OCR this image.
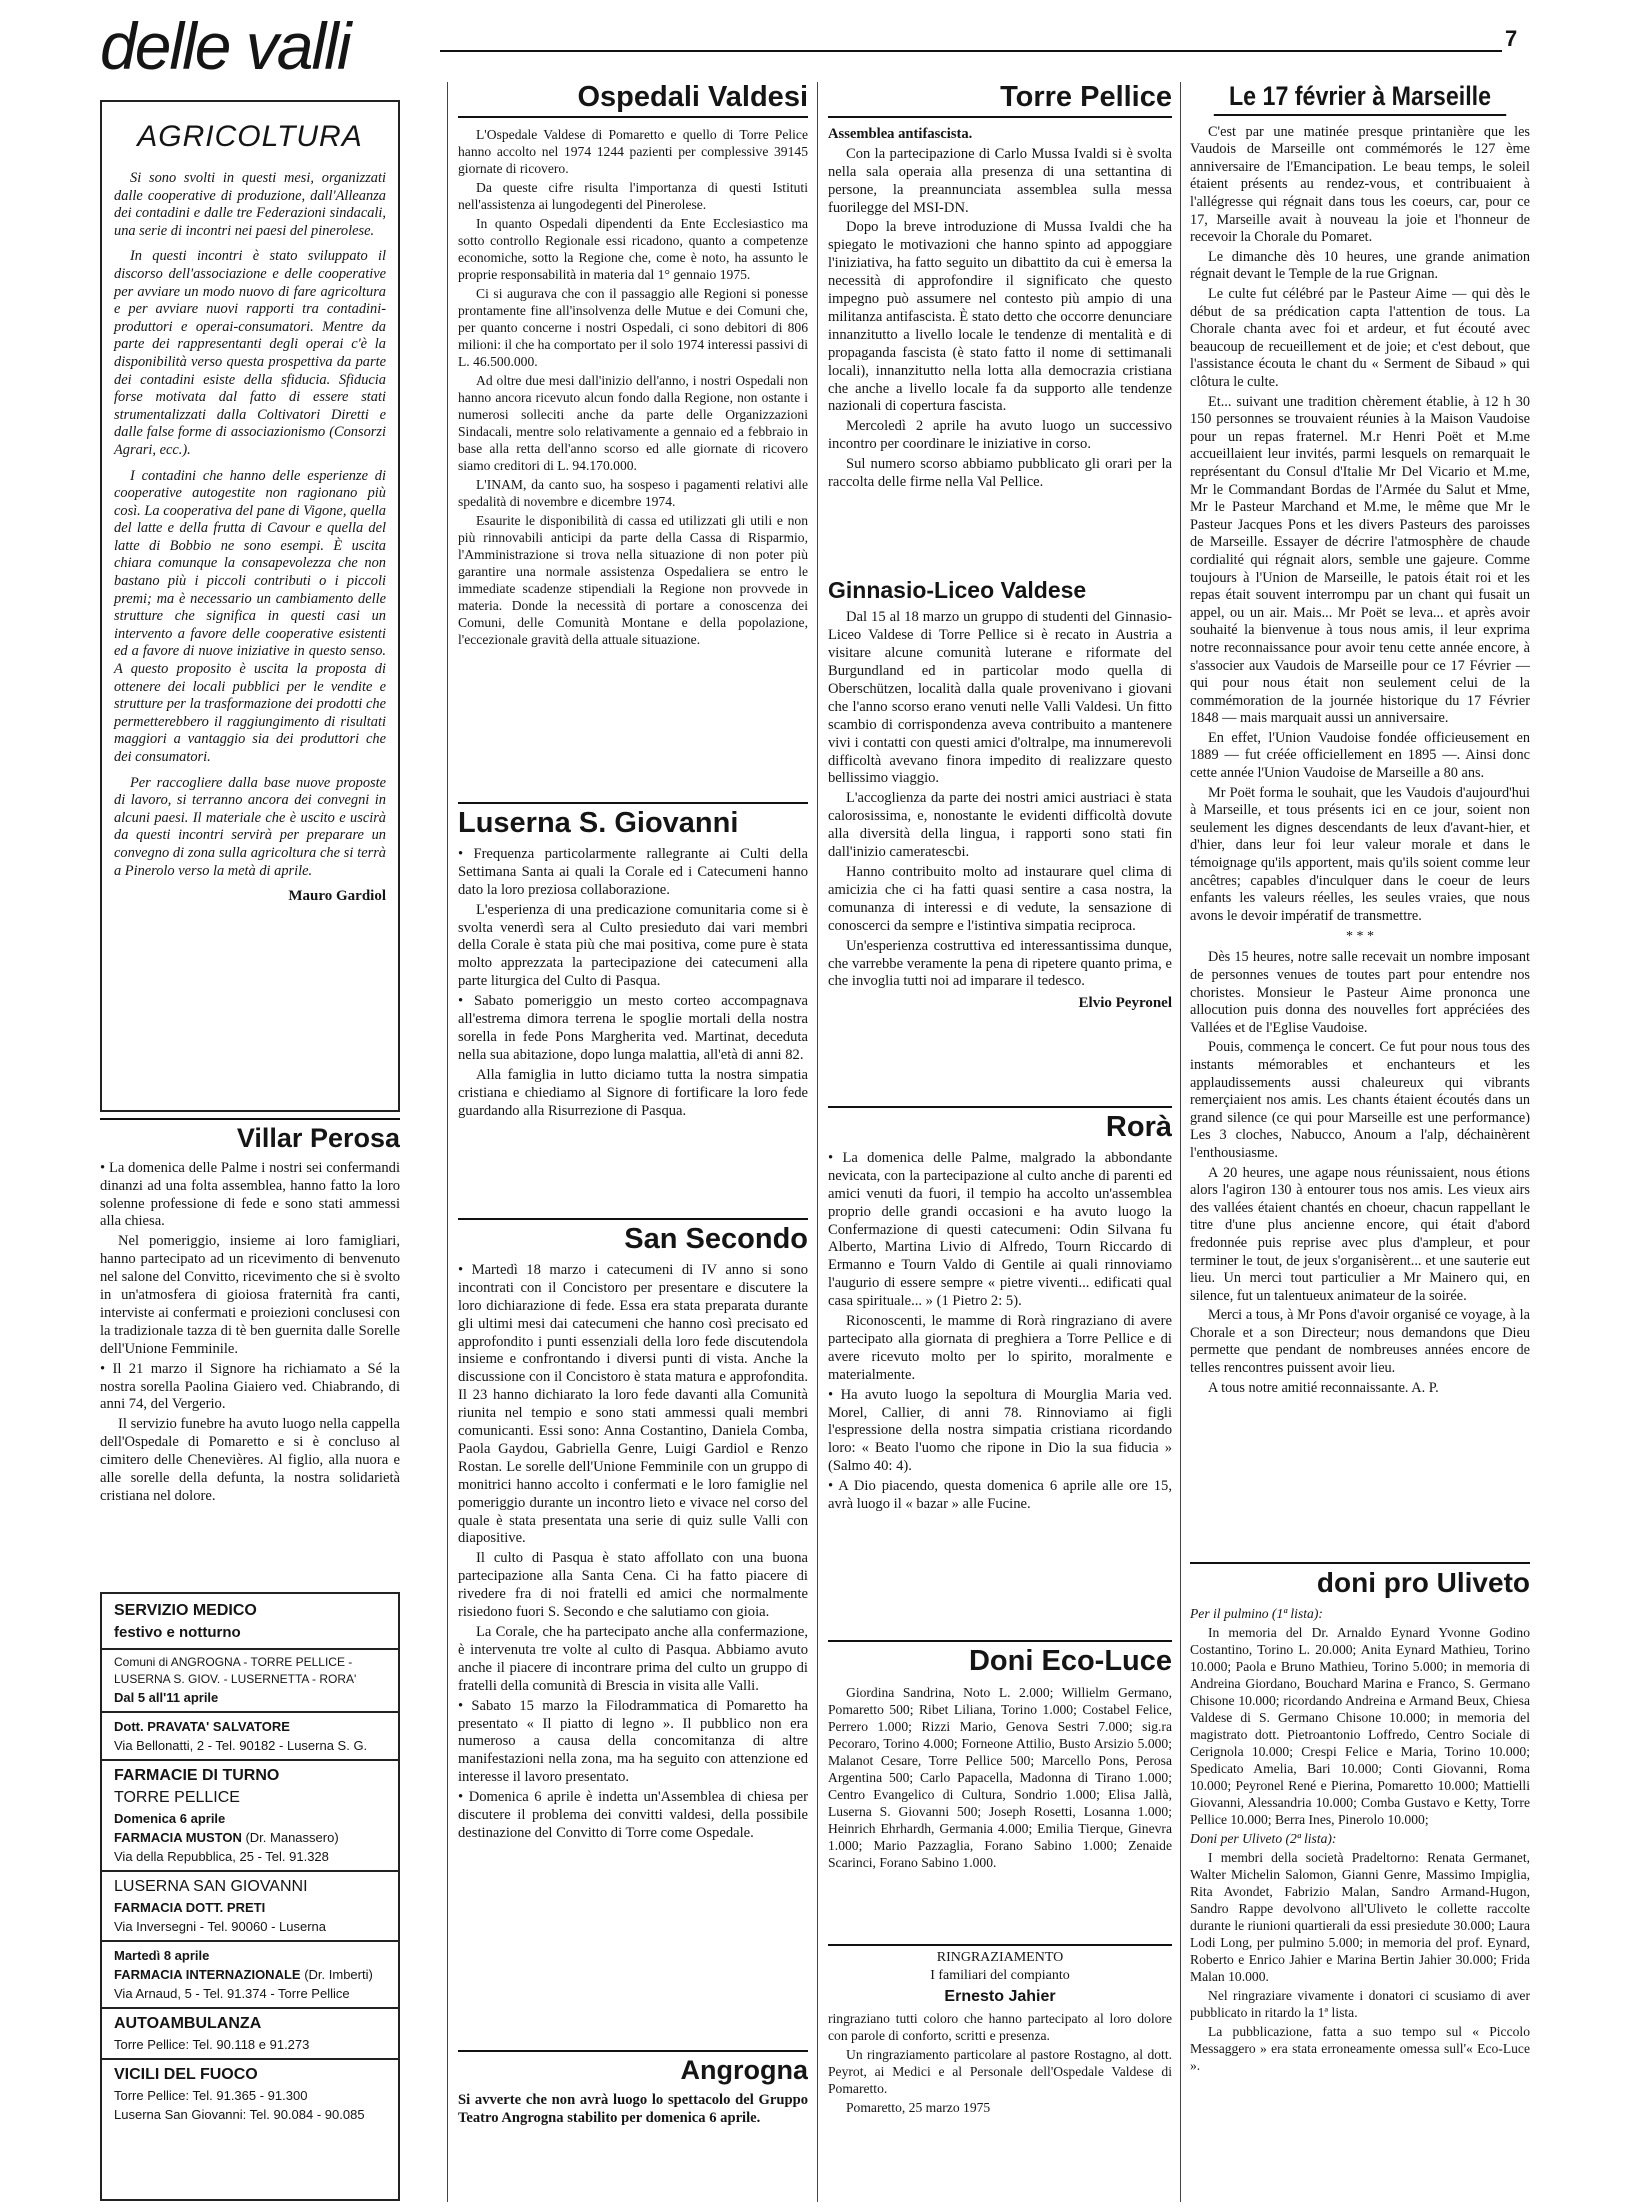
delle valli	7
AGRICOLTURA

Si sono svolti in questi mesi, organizzati dalle cooperative di produzione, dall'Alleanza dei contadini e dalle tre Federazioni sindacali, una serie di incontri nei paesi del pinerolese.

In questi incontri è stato sviluppato il discorso dell'associazione e delle cooperative per avviare un modo nuovo di fare agricoltura e per avviare nuovi rapporti tra contadini-produttori e operai-consumatori. Mentre da parte dei rappresentanti degli operai c'è la disponibilità verso questa prospettiva da parte dei contadini esiste della sfiducia. Sfiducia forse motivata dal fatto di essere stati strumentalizzati dalla Coltivatori Diretti e dalle false forme di associazionismo (Consorzi Agrari, ecc.).

I contadini che hanno delle esperienze di cooperative autogestite non ragionano più così. La cooperativa del pane di Vigone, quella del latte e della frutta di Cavour e quella del latte di Bobbio ne sono esempi. È uscita chiara comunque la consapevolezza che non bastano più i piccoli contributi o i piccoli premi; ma è necessario un cambiamento delle strutture che significa in questi casi un intervento a favore delle cooperative esistenti ed a favore di nuove iniziative in questo senso. A questo proposito è uscita la proposta di ottenere dei locali pubblici per le vendite e strutture per la trasformazione dei prodotti che permetterebbero il raggiungimento di risultati maggiori a vantaggio sia dei produttori che dei consumatori.

Per raccogliere dalla base nuove proposte di lavoro, si terranno ancora dei convegni in alcuni paesi. Il materiale che è uscito e uscirà da questi incontri servirà per preparare un convegno di zona sulla agricoltura che si terrà a Pinerolo verso la metà di aprile.

Mauro Gardiol
Villar Perosa

• La domenica delle Palme i nostri sei confermandi dinanzi ad una folta assemblea, hanno fatto la loro solenne professione di fede e sono stati ammessi alla chiesa.

Nel pomeriggio, insieme ai loro famigliari, hanno partecipato ad un ricevimento di benvenuto nel salone del Convitto, ricevimento che si è svolto in un'atmosfera di gioiosa fraternità fra canti, interviste ai confermati e proiezioni conclusesi con la tradizionale tazza di tè ben guernita dalle Sorelle dell'Unione Femminile.

• Il 21 marzo il Signore ha richiamato a Sé la nostra sorella Paolina Giaiero ved. Chiabrando, di anni 74, del Vergerio.

Il servizio funebre ha avuto luogo nella cappella dell'Ospedale di Pomaretto e si è concluso al cimitero delle Chenevières. Al figlio, alla nuora e alle sorelle della defunta, la nostra solidarietà cristiana nel dolore.

SERVIZIO MEDICO
festivo e notturno
Comuni di ANGROGNA - TORRE PELLICE - LUSERNA S. GIOV. - LUSERNETTA - RORA'
Dal 5 all'11 aprile
Dott. PRAVATA' SALVATORE
Via Bellonatti, 2 - Tel. 90182 - Luserna S. G.
FARMACIE DI TURNO
TORRE PELLICE
Domenica 6 aprile
FARMACIA MUSTON (Dr. Manassero)
Via della Repubblica, 25 - Tel. 91.328
LUSERNA SAN GIOVANNI
FARMACIA DOTT. PRETI
Via Inversegni - Tel. 90060 - Luserna
Martedì 8 aprile
FARMACIA INTERNAZIONALE (Dr. Imberti)
Via Arnaud, 5 - Tel. 91.374 - Torre Pellice
AUTOAMBULANZA
Torre Pellice: Tel. 90.118 e 91.273
VICILI DEL FUOCO
Torre Pellice: Tel. 91.365 - 91.300
Luserna San Giovanni: Tel. 90.084 - 90.085
Ospedali Valdesi

L'Ospedale Valdese di Pomaretto e quello di Torre Pelice hanno accolto nel 1974 1244 pazienti per complessive 39145 giornate di ricovero.

Da queste cifre risulta l'importanza di questi Istituti nell'assistenza ai lungodegenti del Pinerolese.

In quanto Ospedali dipendenti da Ente Ecclesiastico ma sotto controllo Regionale essi ricadono, quanto a competenze economiche, sotto la Regione che, come è noto, ha assunto le proprie responsabilità in materia dal 1° gennaio 1975.

Ci si augurava che con il passaggio alle Regioni si ponesse prontamente fine all'insolvenza delle Mutue e dei Comuni che, per quanto concerne i nostri Ospedali, ci sono debitori di 806 milioni: il che ha comportato per il solo 1974 interessi passivi di L. 46.500.000.

Ad oltre due mesi dall'inizio dell'anno, i nostri Ospedali non hanno ancora ricevuto alcun fondo dalla Regione, non ostante i numerosi solleciti anche da parte delle Organizzazioni Sindacali, mentre solo relativamente a gennaio ed a febbraio in base alla retta dell'anno scorso ed alle giornate di ricovero siamo creditori di L. 94.170.000.

L'INAM, da canto suo, ha sospeso i pagamenti relativi alle spedalità di novembre e dicembre 1974.

Esaurite le disponibilità di cassa ed utilizzati gli utili e non più rinnovabili anticipi da parte della Cassa di Risparmio, l'Amministrazione si trova nella situazione di non poter più garantire una normale assistenza Ospedaliera se entro le immediate scadenze stipendiali la Regione non provvede in materia. Donde la necessità di portare a conoscenza dei Comuni, delle Comunità Montane e della popolazione, l'eccezionale gravità della attuale situazione.

Luserna S. Giovanni

• Frequenza particolarmente rallegrante ai Culti della Settimana Santa ai quali la Corale ed i Catecumeni hanno dato la loro preziosa collaborazione.

L'esperienza di una predicazione comunitaria come si è svolta venerdì sera al Culto presieduto dai vari membri della Corale è stata più che mai positiva, come pure è stata molto apprezzata la partecipazione dei catecumeni alla parte liturgica del Culto di Pasqua.

• Sabato pomeriggio un mesto corteo accompagnava all'estrema dimora terrena le spoglie mortali della nostra sorella in fede Pons Margherita ved. Martinat, deceduta nella sua abitazione, dopo lunga malattia, all'età di anni 82.

Alla famiglia in lutto diciamo tutta la nostra simpatia cristiana e chiediamo al Signore di fortificare la loro fede guardando alla Risurrezione di Pasqua.

San Secondo

• Martedì 18 marzo i catecumeni di IV anno si sono incontrati con il Concistoro per presentare e discutere la loro dichiarazione di fede. Essa era stata preparata durante gli ultimi mesi dai catecumeni che hanno così precisato ed approfondito i punti essenziali della loro fede discutendola insieme e confrontando i diversi punti di vista. Anche la discussione con il Concistoro è stata matura e approfondita. Il 23 hanno dichiarato la loro fede davanti alla Comunità riunita nel tempio e sono stati ammessi quali membri comunicanti. Essi sono: Anna Costantino, Daniela Comba, Paola Gaydou, Gabriella Genre, Luigi Gardiol e Renzo Rostan. Le sorelle dell'Unione Femminile con un gruppo di monitrici hanno accolto i confermati e le loro famiglie nel pomeriggio durante un incontro lieto e vivace nel corso del quale è stata presentata una serie di quiz sulle Valli con diapositive.

Il culto di Pasqua è stato affollato con una buona partecipazione alla Santa Cena. Ci ha fatto piacere di rivedere fra di noi fratelli ed amici che normalmente risiedono fuori S. Secondo e che salutiamo con gioia.

La Corale, che ha partecipato anche alla confermazione, è intervenuta tre volte al culto di Pasqua. Abbiamo avuto anche il piacere di incontrare prima del culto un gruppo di fratelli della comunità di Brescia in visita alle Valli.

• Sabato 15 marzo la Filodrammatica di Pomaretto ha presentato « Il piatto di legno ». Il pubblico non era numeroso a causa della concomitanza di altre manifestazioni nella zona, ma ha seguito con attenzione ed interesse il lavoro presentato.

• Domenica 6 aprile è indetta un'Assemblea di chiesa per discutere il problema dei convitti valdesi, della possibile destinazione del Convitto di Torre come Ospedale.

Angrogna

Si avverte che non avrà luogo lo spettacolo del Gruppo Teatro Angrogna stabilito per domenica 6 aprile.

Torre Pellice

Assemblea antifascista.

Con la partecipazione di Carlo Mussa Ivaldi si è svolta nella sala operaia alla presenza di una settantina di persone, la preannunciata assemblea sulla messa fuorilegge del MSI-DN.

Dopo la breve introduzione di Mussa Ivaldi che ha spiegato le motivazioni che hanno spinto ad appoggiare l'iniziativa, ha fatto seguito un dibattito da cui è emersa la necessità di approfondire il significato che questo impegno può assumere nel contesto più ampio di una militanza antifascista. È stato detto che occorre denunciare innanzitutto a livello locale le tendenze di mentalità e di propaganda fascista (è stato fatto il nome di settimanali locali), innanzitutto nella lotta alla democrazia cristiana che anche a livello locale fa da supporto alle tendenze nazionali di copertura fascista.

Mercoledì 2 aprile ha avuto luogo un successivo incontro per coordinare le iniziative in corso.

Sul numero scorso abbiamo pubblicato gli orari per la raccolta delle firme nella Val Pellice.

Ginnasio-Liceo Valdese

Dal 15 al 18 marzo un gruppo di studenti del Ginnasio-Liceo Valdese di Torre Pellice si è recato in Austria a visitare alcune comunità luterane e riformate del Burgundland ed in particolar modo quella di Oberschützen, località dalla quale provenivano i giovani che l'anno scorso erano venuti nelle Valli Valdesi. Un fitto scambio di corrispondenza aveva contribuito a mantenere vivi i contatti con questi amici d'oltralpe, ma innumerevoli difficoltà avevano finora impedito di realizzare questo bellissimo viaggio.

L'accoglienza da parte dei nostri amici austriaci è stata calorosissima, e, nonostante le evidenti difficoltà dovute alla diversità della lingua, i rapporti sono stati fin dall'inizio cameratescbi.

Hanno contribuito molto ad instaurare quel clima di amicizia che ci ha fatti quasi sentire a casa nostra, la comunanza di interessi e di vedute, la sensazione di conoscerci da sempre e l'istintiva simpatia reciproca.

Un'esperienza costruttiva ed interessantissima dunque, che varrebbe veramente la pena di ripetere quanto prima, e che invoglia tutti noi ad imparare il tedesco.

Elvio Peyronel
Rorà

• La domenica delle Palme, malgrado la abbondante nevicata, con la partecipazione al culto anche di parenti ed amici venuti da fuori, il tempio ha accolto un'assemblea proprio delle grandi occasioni e ha avuto luogo la Confermazione di questi catecumeni: Odin Silvana fu Alberto, Martina Livio di Alfredo, Tourn Riccardo di Ermanno e Tourn Valdo di Gentile ai quali rinnoviamo l'augurio di essere sempre « pietre viventi... edificati qual casa spirituale... » (1 Pietro 2: 5).

Riconoscenti, le mamme di Rorà ringraziano di avere partecipato alla giornata di preghiera a Torre Pellice e di avere ricevuto molto per lo spirito, moralmente e materialmente.

• Ha avuto luogo la sepoltura di Mourglia Maria ved. Morel, Callier, di anni 78. Rinnoviamo ai figli l'espressione della nostra simpatia cristiana ricordando loro: « Beato l'uomo che ripone in Dio la sua fiducia » (Salmo 40: 4).

• A Dio piacendo, questa domenica 6 aprile alle ore 15, avrà luogo il « bazar » alle Fucine.

Doni Eco-Luce

Giordina Sandrina, Noto L. 2.000; Willielm Germano, Pomaretto 500; Ribet Liliana, Torino 1.000; Costabel Felice, Perrero 1.000; Rizzi Mario, Genova Sestri 7.000; sig.ra Pecoraro, Torino 4.000; Forneone Attilio, Busto Arsizio 5.000; Malanot Cesare, Torre Pellice 500; Marcello Pons, Perosa Argentina 500; Carlo Papacella, Madonna di Tirano 1.000; Centro Evangelico di Cultura, Sondrio 1.000; Elisa Jallà, Luserna S. Giovanni 500; Joseph Rosetti, Losanna 1.000; Heinrich Ehrhardh, Germania 4.000; Emilia Tierque, Ginevra 1.000; Mario Pazzaglia, Forano Sabino 1.000; Zenaide Scarinci, Forano Sabino 1.000.

RINGRAZIAMENTO
I familiari del compianto
Ernesto Jahier

ringraziano tutti coloro che hanno partecipato al loro dolore con parole di conforto, scritti e presenza.

Un ringraziamento particolare al pastore Rostagno, al dott. Peyrot, ai Medici e al Personale dell'Ospedale Valdese di Pomaretto.

Pomaretto, 25 marzo 1975

Le 17 février à Marseille

C'est par une matinée presque printanière que les Vaudois de Marseille ont commémorés le 127 ème anniversaire de l'Emancipation. Le beau temps, le soleil étaient présents au rendez-vous, et contribuaient à l'allégresse qui régnait dans tous les coeurs, car, pour ce 17, Marseille avait à nouveau la joie et l'honneur de recevoir la Chorale du Pomaret.

Le dimanche dès 10 heures, une grande animation régnait devant le Temple de la rue Grignan.

Le culte fut célébré par le Pasteur Aime — qui dès le début de sa prédication capta l'attention de tous. La Chorale chanta avec foi et ardeur, et fut écouté avec beaucoup de recueillement et de joie; et c'est debout, que l'assistance écouta le chant du « Serment de Sibaud » qui clôtura le culte.

Et... suivant une tradition chèrement établie, à 12 h 30 150 personnes se trouvaient réunies à la Maison Vaudoise pour un repas fraternel. M.r Henri Poët et M.me accueillaient leur invités, parmi lesquels on remarquait le représentant du Consul d'Italie Mr Del Vicario et M.me, Mr le Commandant Bordas de l'Armée du Salut et Mme, Mr le Pasteur Marchand et M.me, le même que Mr le Pasteur Jacques Pons et les divers Pasteurs des paroisses de Marseille. Essayer de décrire l'atmosphère de chaude cordialité qui régnait alors, semble une gajeure. Comme toujours à l'Union de Marseille, le patois était roi et les repas était souvent interrompu par un chant qui fusait un appel, ou un air. Mais... Mr Poët se leva... et après avoir souhaité la bienvenue à tous nous amis, il leur exprima notre reconnaissance pour avoir tenu cette année encore, à s'associer aux Vaudois de Marseille pour ce 17 Février — qui pour nous était non seulement celui de la commémoration de la journée historique du 17 Février 1848 — mais marquait aussi un anniversaire.

En effet, l'Union Vaudoise fondée officieusement en 1889 — fut créée officiellement en 1895 —. Ainsi donc cette année l'Union Vaudoise de Marseille a 80 ans.

Mr Poët forma le souhait, que les Vaudois d'aujourd'hui à Marseille, et tous présents ici en ce jour, soient non seulement les dignes descendants de leux d'avant-hier, et d'hier, dans leur foi leur valeur morale et dans le témoignage qu'ils apportent, mais qu'ils soient comme leur ancêtres; capables d'inculquer dans le coeur de leurs enfants les valeurs réelles, les seules vraies, que nous avons le devoir impératif de transmettre.

* * *

Dès 15 heures, notre salle recevait un nombre imposant de personnes venues de toutes part pour entendre nos choristes. Monsieur le Pasteur Aime prononca une allocution puis donna des nouvelles fort appréciées des Vallées et de l'Eglise Vaudoise.

Pouis, commença le concert. Ce fut pour nous tous des instants mémorables et enchanteurs et les applaudissements aussi chaleureux qui vibrants remerçiaient nos amis. Les chants étaient écoutés dans un grand silence (ce qui pour Marseille est une performance) Les 3 cloches, Nabucco, Anoum a l'alp, déchainèrent l'enthousiasme.

A 20 heures, une agape nous réunissaient, nous étions alors l'agiron 130 à entourer tous nos amis. Les vieux airs des vallées étaient chantés en choeur, chacun rappellant le titre d'une plus ancienne encore, qui était d'abord fredonnée puis reprise avec plus d'ampleur, et pour terminer le tout, de jeux s'organisèrent... et une sauterie eut lieu. Un merci tout particulier a Mr Mainero qui, en silence, fut un talentueux animateur de la soirée.

Merci a tous, à Mr Pons d'avoir organisé ce voyage, à la Chorale et a son Directeur; nous demandons que Dieu permette que pendant de nombreuses années encore de telles rencontres puissent avoir lieu.

A tous notre amitié reconnaissante. A. P.

doni pro Uliveto

Per il pulmino (1ª lista):

In memoria del Dr. Arnaldo Eynard Yvonne Godino Costantino, Torino L. 20.000; Anita Eynard Mathieu, Torino 10.000; Paola e Bruno Mathieu, Torino 5.000; in memoria di Andreina Giordano, Bouchard Marina e Franco, S. Germano Chisone 10.000; ricordando Andreina e Armand Beux, Chiesa Valdese di S. Germano Chisone 10.000; in memoria del magistrato dott. Pietroantonio Loffredo, Centro Sociale di Cerignola 10.000; Crespi Felice e Maria, Torino 10.000; Spedicato Amelia, Bari 10.000; Conti Giovanni, Roma 10.000; Peyronel René e Pierina, Pomaretto 10.000; Mattielli Giovanni, Alessandria 10.000; Comba Gustavo e Ketty, Torre Pellice 10.000; Berra Ines, Pinerolo 10.000;

Doni per Uliveto (2ª lista):

I membri della società Pradeltorno: Renata Germanet, Walter Michelin Salomon, Gianni Genre, Massimo Impiglia, Rita Avondet, Fabrizio Malan, Sandro Armand-Hugon, Sandro Rappe devolvono all'Uliveto le collette raccolte durante le riunioni quartierali da essi presiedute 30.000; Laura Lodi Long, per pulmino 5.000; in memoria del prof. Eynard, Roberto e Enrico Jahier e Marina Bertin Jahier 30.000; Frida Malan 10.000.

Nel ringraziare vivamente i donatori ci scusiamo di aver pubblicato in ritardo la 1ª lista.

La pubblicazione, fatta a suo tempo sul « Piccolo Messaggero » era stata erroneamente omessa sull'« Eco-Luce ».
